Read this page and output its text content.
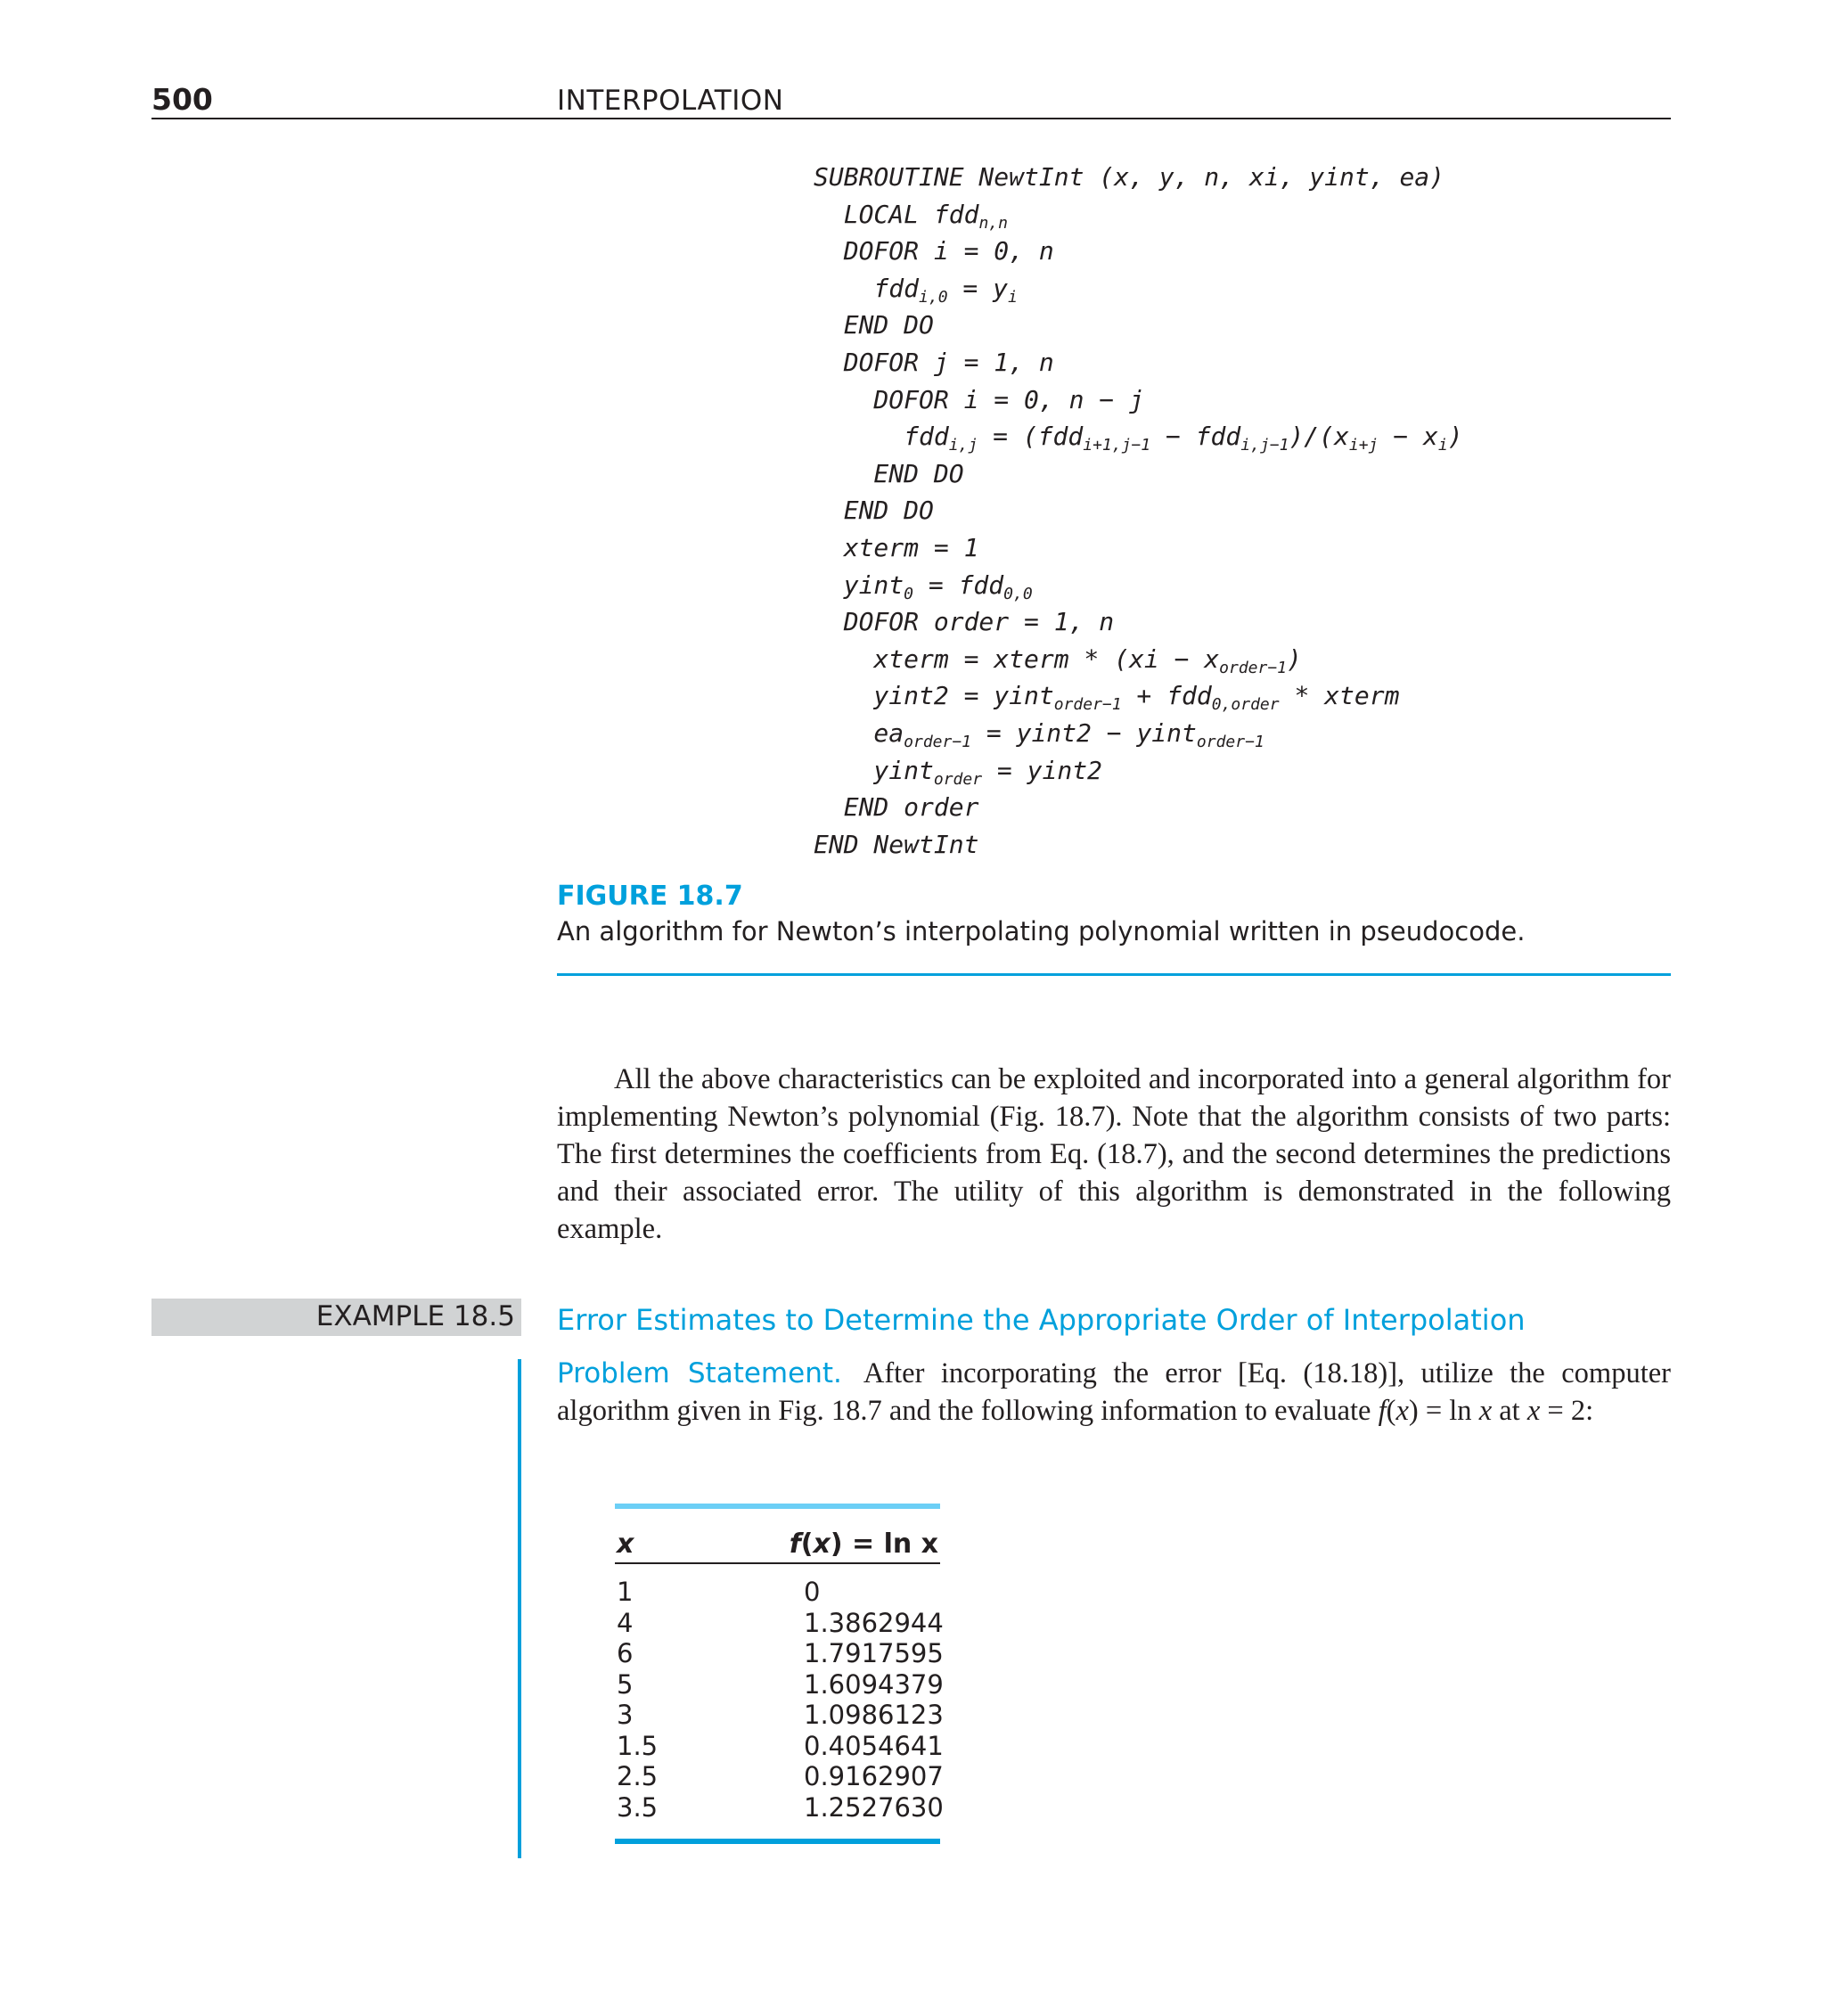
500	INTERPOLATION
SUBROUTINE NewtInt (x, y, n, xi, yint, ea)
LOCAL fdd$_{n,n}$
DOFOR i = 0, n
$fdd_{i,0} = y_i$
END DO
DOFOR j = 1, n
DOFOR i = 0, n − j
$fdd_{i,j} = (fdd_{i+1,j-1} - fdd_{i,j-1})/(x_{i+j} - x_i)$
END DO
END DO
xterm = 1
yint$_0$ = fdd$_{0,0}$
DOFOR order = 1, n
xterm = xterm * $(xi - x_{order-1})$
yint2 = yint$_{order-1}$ + fdd$_{0,order}$ * xterm
$ea_{order-1}$ = yint2 − yint$_{order-1}$
yint$_{order}$ = yint2
END order
END NewtInt
FIGURE 18.7
An algorithm for Newton’s interpolating polynomial written in pseudocode.
All the above characteristics can be exploited and incorporated into a general algorithm for implementing Newton’s polynomial (Fig. 18.7). Note that the algorithm consists of two parts: The first determines the coefficients from Eq. (18.7), and the second determines the predictions and their associated error. The utility of this algorithm is demonstrated in the following example.
EXAMPLE 18.5 Error Estimates to Determine the Appropriate Order of Interpolation
Problem Statement. After incorporating the error [Eq. (18.18)], utilize the computer algorithm given in Fig. 18.7 and the following information to evaluate f(x) = ln x at x = 2:
x	f(x) = ln x
1	0
4	1.3862944
6	1.7917595
5	1.6094379
3	1.0986123
1.5	0.4054641
2.5	0.9162907
3.5	1.2527630
